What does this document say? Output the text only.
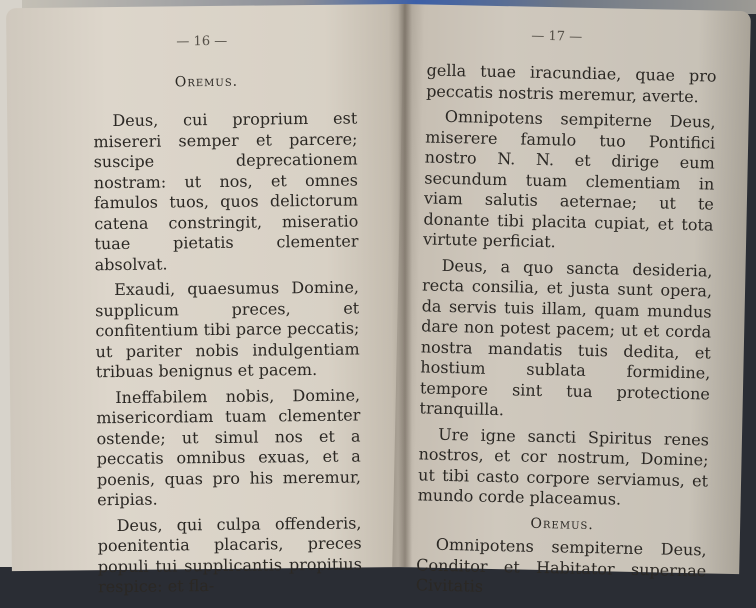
— 16 —
Oremus.

Deus, cui proprium est misereri semper et parcere; suscipe deprecationem nostram: ut nos, et omnes famulos tuos, quos delictorum catena constringit, miseratio tuae pietatis clementer absolvat.

Exaudi, quaesumus Domine, supplicum preces, et confitentium tibi parce peccatis; ut pariter nobis indulgentiam tribuas benignus et pacem.

Ineffabilem nobis, Domine, misericordiam tuam clementer ostende; ut simul nos et a peccatis omnibus exuas, et a poenis, quas pro his meremur, eripias.

Deus, qui culpa offenderis, poenitentia placaris, preces populi tui supplicantis propitius respice: et fla-

— 17 —

gella tuae iracundiae, quae pro peccatis nostris meremur, averte.

Omnipotens sempiterne Deus, miserere famulo tuo Pontifici nostro N. N. et dirige eum secundum tuam clementiam in viam salutis aeternae; ut te donante tibi placita cupiat, et tota virtute perficiat.

Deus, a quo sancta desideria, recta consilia, et justa sunt opera, da servis tuis illam, quam mundus dare non potest pacem; ut et corda nostra mandatis tuis dedita, et hostium sublata formidine, tempore sint tua protectione tranquilla.

Ure igne sancti Spiritus renes nostros, et cor nostrum, Domine; ut tibi casto corpore serviamus, et mundo corde placeamus.

Oremus.

Omnipotens sempiterne Deus, Conditor et Habitator supernae Civitatis
